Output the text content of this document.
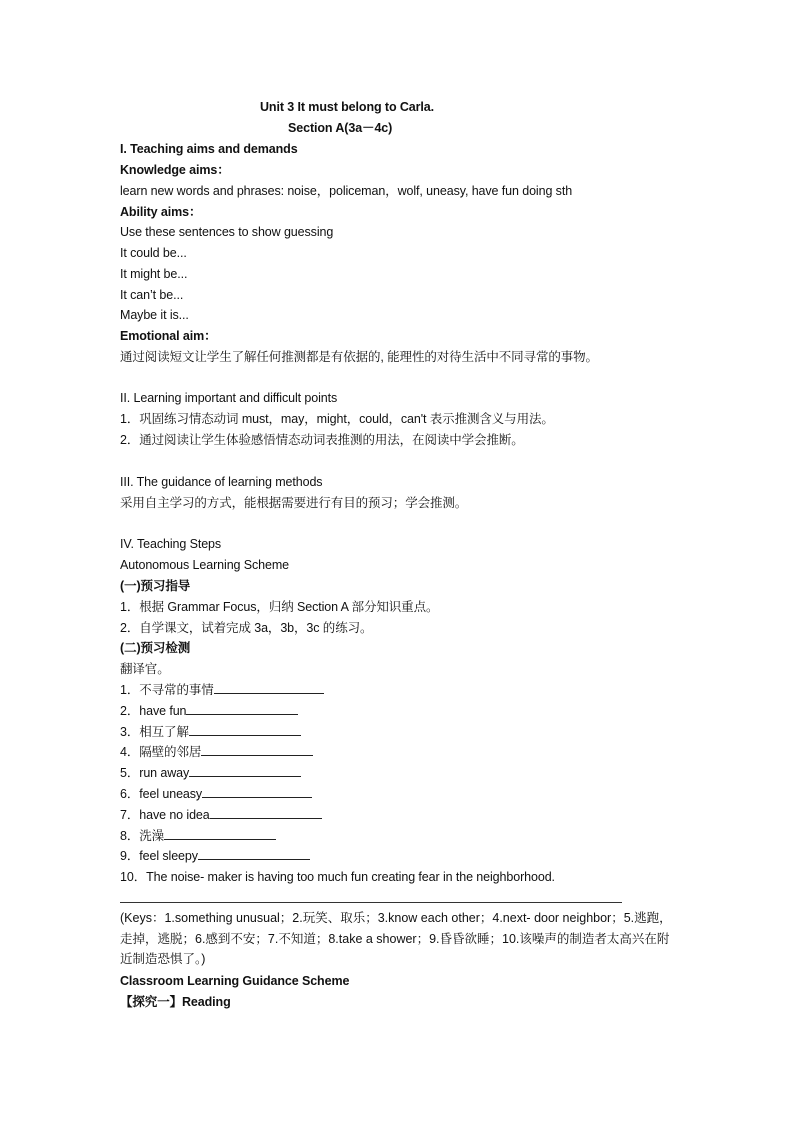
Unit 3 It must belong to Carla.
Section A(3a－4c)
I. Teaching aims and demands
Knowledge aims：
learn new words and phrases: noise，policeman，wolf, uneasy, have fun doing sth
Ability aims：
Use these sentences to show guessing
It could be...
It might be...
It can’t be...
Maybe it is...
Emotional aim：
通过阅读短文让学生了解任何推测都是有依据的, 能理性的对待生活中不同寻常的事物。
II. Learning important and difficult points
1．巩固练习情态动词 must，may，might，could，can't 表示推测含义与用法。
2．通过阅读让学生体验感悟情态动词表推测的用法，在阅读中学会推断。
III. The guidance of learning methods
采用自主学习的方式，能根据需要进行有目的预习；学会推测。
IV. Teaching Steps
Autonomous Learning Scheme
(一)预习指导
1．根据 Grammar Focus，归纳 Section A 部分知识重点。
2．自学课文，试着完成 3a，3b，3c 的练习。
(二)预习检测
翻译官。
1．不寻常的事情
2．have fun
3．相互了解
4．隔壁的邻居
5．run away
6．feel uneasy
7．have no idea
8．洗澡
9．feel sleepy
10．The noise- maker is having too much fun creating fear in the neighborhood.
(Keys：1.something unusual；2.玩笑、取乐；3.know each other；4.next- door neighbor；5.逃跑，走掉，逃脱；6.感到不安；7.不知道；8.take a shower；9.昏昏欲睡；10.该噪声的制造者太高兴在附近制造恐惧了。)
Classroom Learning Guidance Scheme
【探究一】Reading
